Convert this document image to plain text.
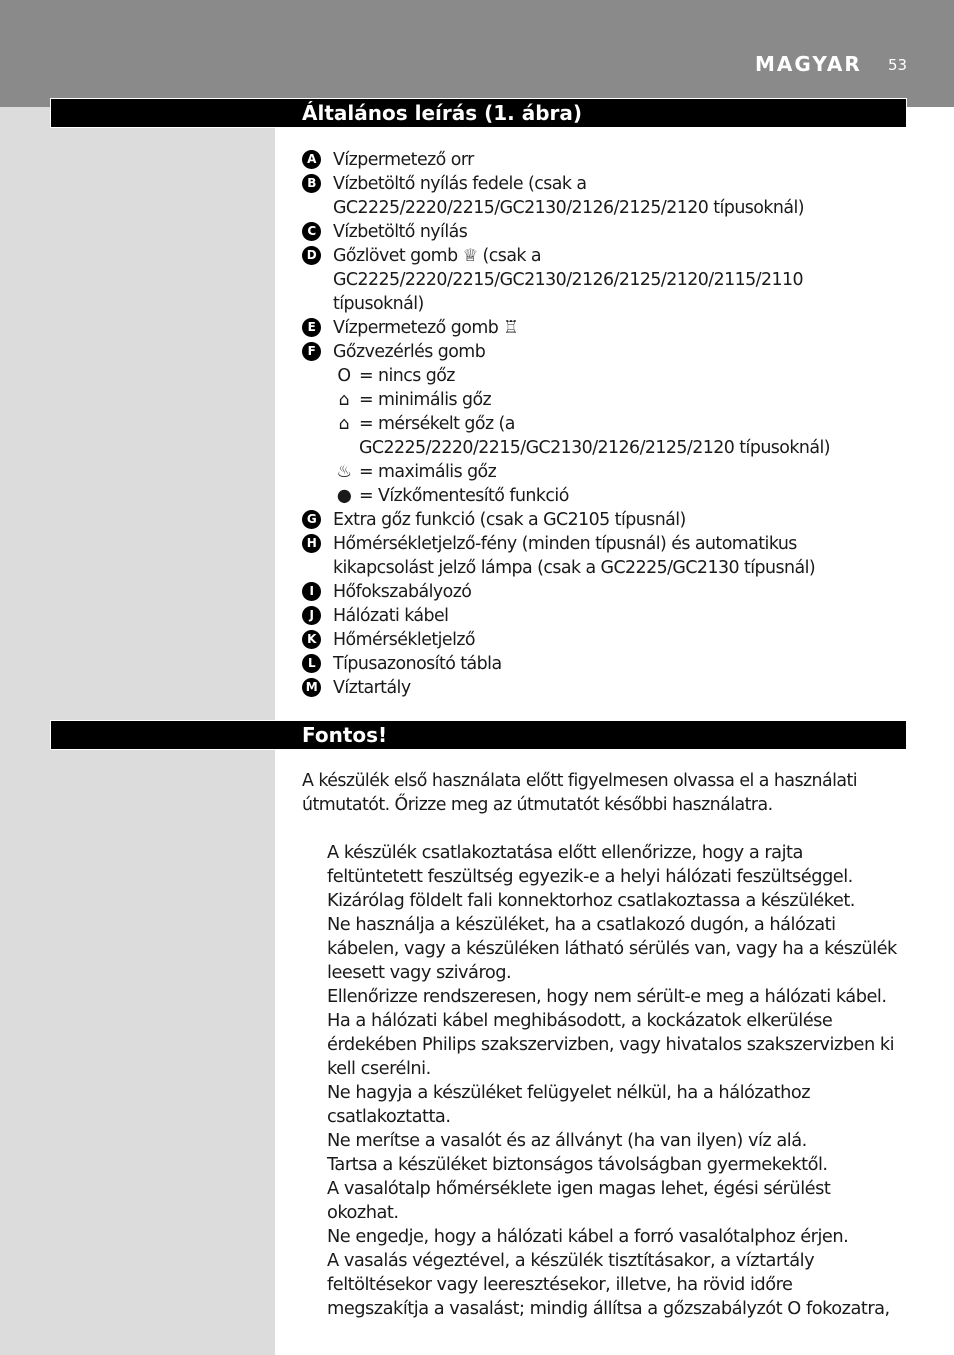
MAGYAR 53
Általános leírás (1. ábra)
A Vízpermetező orr
B Vízbetöltő nyílás fedele (csak a
GC2225/2220/2215/GC2130/2126/2125/2120 típusoknál)
C Vízbetöltő nyílás
D Gőzlövet gomb ♕ (csak a
GC2225/2220/2215/GC2130/2126/2125/2120/2115/2110
típusoknál)
E	Vízpermetező gomb ♖
F	Gőzvezérlés gomb
O = nincs gőz
⌂ = minimális gőz
⌂ = mérsékelt gőz (a
GC2225/2220/2215/GC2130/2126/2125/2120 típusoknál)
♨ = maximális gőz
● = Vízkőmentesítő funkció
G Extra gőz funkció (csak a GC2105 típusnál)
H Hőmérsékletjelző-fény (minden típusnál) és automatikus
kikapcsolást jelző lámpa (csak a GC2225/GC2130 típusnál)
I	Hőfokszabályozó
J	Hálózati kábel
K Hőmérsékletjelző
L	Típusazonosító tábla
M Víztartály
Fontos!
A készülék első használata előtt figyelmesen olvassa el a használati
útmutatót. Őrizze meg az útmutatót későbbi használatra.

A készülék csatlakoztatása előtt ellenőrizze, hogy a rajta

feltüntetett feszültség egyezik-e a helyi hálózati feszültséggel.

Kizárólag földelt fali konnektorhoz csatlakoztassa a készüléket.

Ne használja a készüléket, ha a csatlakozó dugón, a hálózati

kábelen, vagy a készüléken látható sérülés van, vagy ha a készülék

leesett vagy szivárog.

Ellenőrizze rendszeresen, hogy nem sérült-e meg a hálózati kábel.

Ha a hálózati kábel meghibásodott, a kockázatok elkerülése

érdekében Philips szakszervizben, vagy hivatalos szakszervizben ki

kell cserélni.

Ne hagyja a készüléket felügyelet nélkül, ha a hálózathoz

csatlakoztatta.

Ne merítse a vasalót és az állványt (ha van ilyen) víz alá.

Tartsa a készüléket biztonságos távolságban gyermekektől.

A vasalótalp hőmérséklete igen magas lehet, égési sérülést

okozhat.

Ne engedje, hogy a hálózati kábel a forró vasalótalphoz érjen.

A vasalás végeztével, a készülék tisztításakor, a víztartály

feltöltésekor vagy leeresztésekor, illetve, ha rövid időre

megszakítja a vasalást; mindig állítsa a gőzszabályzót O fokozatra,
